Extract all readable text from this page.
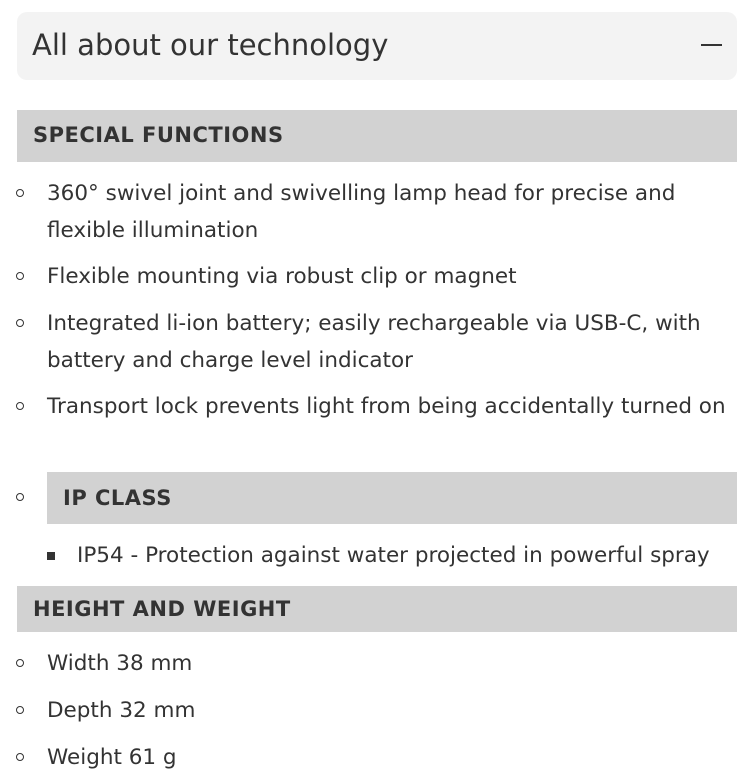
All about our technology
SPECIAL FUNCTIONS
360° swivel joint and swivelling lamp head for precise and flexible illumination
Flexible mounting via robust clip or magnet
Integrated li-ion battery; easily rechargeable via USB-C, with battery and charge level indicator
Transport lock prevents light from being accidentally turned on
IP CLASS
IP54 - Protection against water projected in powerful spray
HEIGHT AND WEIGHT
Width 38 mm
Depth 32 mm
Weight 61 g
